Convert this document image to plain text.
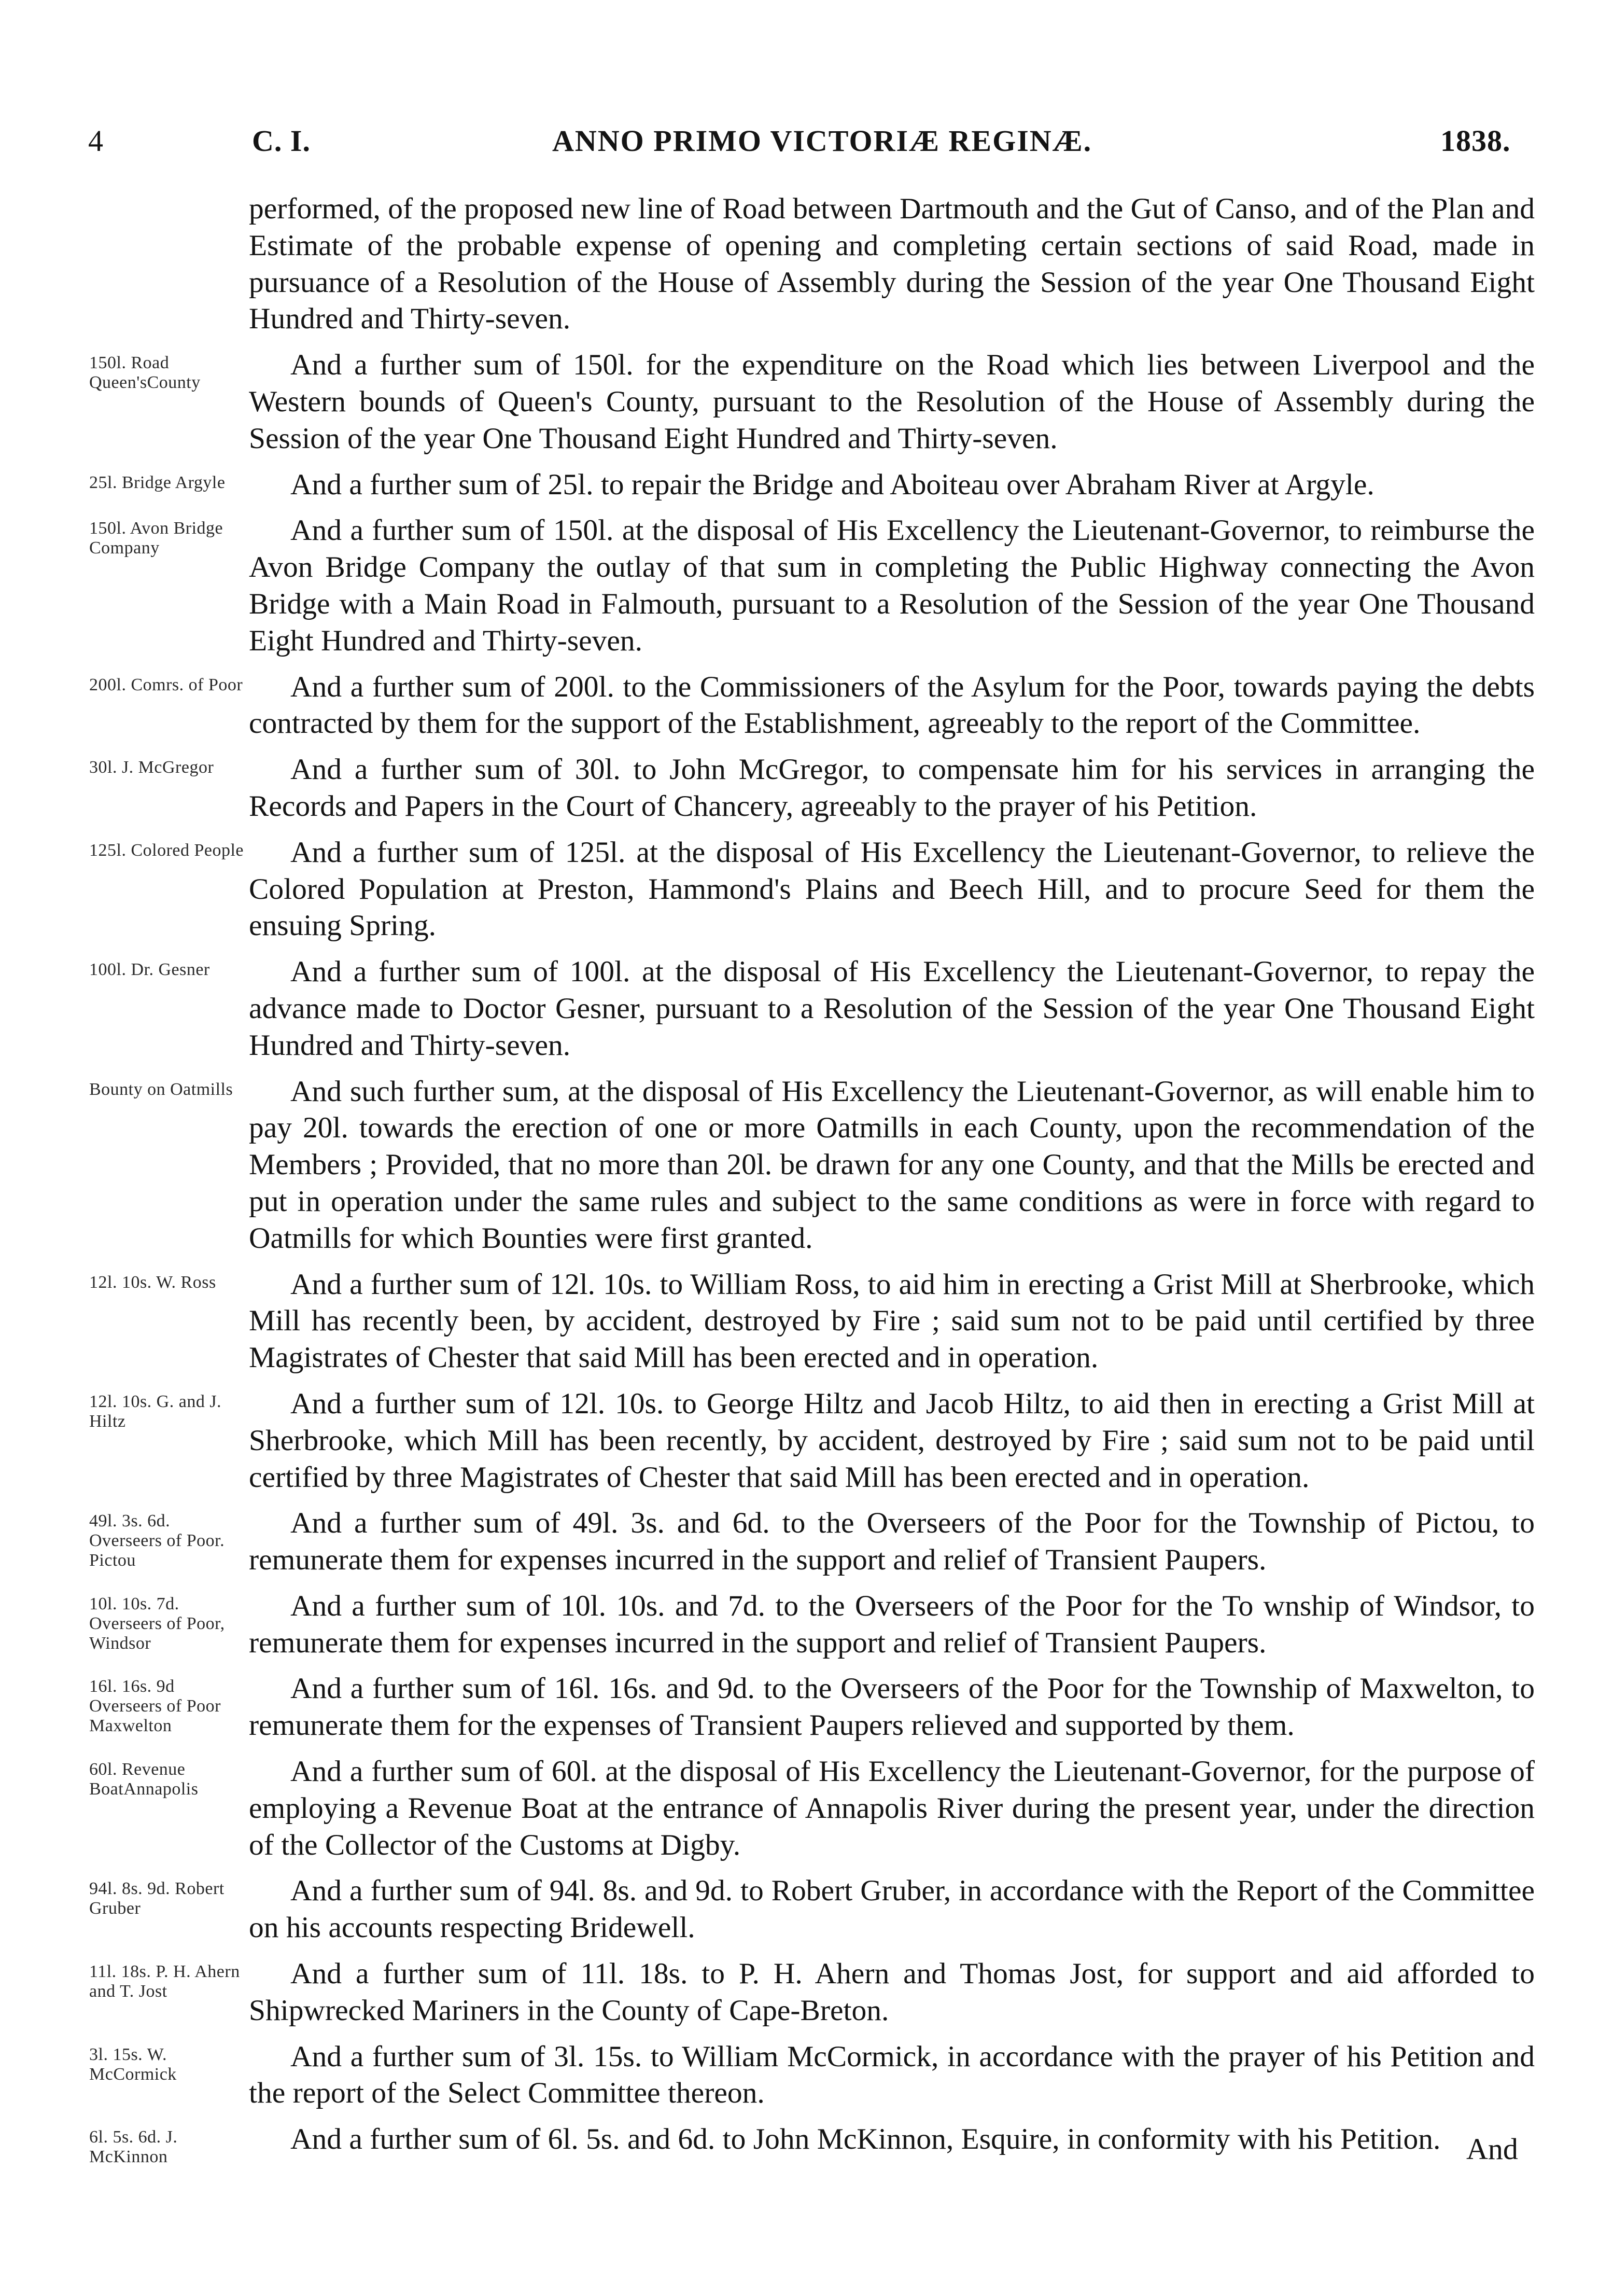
4	C. I.	ANNO PRIMO VICTORIÆ REGINÆ.	1838.

performed, of the proposed new line of Road between Dartmouth and the Gut of Canso, and of the Plan and Estimate of the probable expense of opening and completing certain sections of said Road, made in pursuance of a Resolution of the House of Assembly during the Session of the year One Thousand Eight Hundred and Thirty-seven.

150l. Road Queen'sCounty
And a further sum of 150l. for the expenditure on the Road which lies between Liverpool and the Western bounds of Queen's County, pursuant to the Resolution of the House of Assembly during the Session of the year One Thousand Eight Hundred and Thirty-seven.

25l. Bridge Argyle	And a further sum of 25l. to repair the Bridge and Aboiteau over Abraham River at Argyle.

150l. Avon Bridge Company
And a further sum of 150l. at the disposal of His Excellency the Lieutenant-Governor, to reimburse the Avon Bridge Company the outlay of that sum in completing the Public Highway connecting the Avon Bridge with a Main Road in Falmouth, pursuant to a Resolution of the Session of the year One Thousand Eight Hundred and Thirty-seven.

200l. Comrs. of Poor And a further sum of 200l. to the Commissioners of the Asylum for the Poor, towards paying the debts contracted by them for the support of the Establishment, agreeably to the report of the Committee.

30l. J. McGregor	And a further sum of 30l. to John McGregor, to compensate him for his services in arranging the Records and Papers in the Court of Chancery, agreeably to the prayer of his Petition.

125l. Colored People And a further sum of 125l. at the disposal of His Excellency the Lieutenant-Governor, to relieve the Colored Population at Preston, Hammond's Plains and Beech Hill, and to procure Seed for them the ensuing Spring.

100l. Dr. Gesner	And a further sum of 100l. at the disposal of His Excellency the Lieutenant-Governor, to repay the advance made to Doctor Gesner, pursuant to a Resolution of the Session of the year One Thousand Eight Hundred and Thirty-seven.

Bounty on Oatmills	And such further sum, at the disposal of His Excellency the Lieutenant-Governor, as will enable him to pay 20l. towards the erection of one or more Oatmills in each County, upon the recommendation of the Members ; Provided, that no more than 20l. be drawn for any one County, and that the Mills be erected and put in operation under the same rules and subject to the same conditions as were in force with regard to Oatmills for which Bounties were first granted.

12l. 10s. W. Ross	And a further sum of 12l. 10s. to William Ross, to aid him in erecting a Grist Mill at Sherbrooke, which Mill has recently been, by accident, destroyed by Fire ; said sum not to be paid until certified by three Magistrates of Chester that said Mill has been erected and in operation.

12l. 10s. G. and J. Hiltz
And a further sum of 12l. 10s. to George Hiltz and Jacob Hiltz, to aid then in erecting a Grist Mill at Sherbrooke, which Mill has been recently, by accident, destroyed by Fire ; said sum not to be paid until certified by three Magistrates of Chester that said Mill has been erected and in operation.

49l. 3s. 6d. Overseers of Poor. Pictou
And a further sum of 49l. 3s. and 6d. to the Overseers of the Poor for the Township of Pictou, to remunerate them for expenses incurred in the support and relief of Transient Paupers.

10l. 10s. 7d. Overseers of Poor, Windsor
And a further sum of 10l. 10s. and 7d. to the Overseers of the Poor for the To wnship of Windsor, to remunerate them for expenses incurred in the support and relief of Transient Paupers.

16l. 16s. 9d Overseers of Poor Maxwelton
And a further sum of 16l. 16s. and 9d. to the Overseers of the Poor for the Township of Maxwelton, to remunerate them for the expenses of Transient Paupers relieved and supported by them.

60l. Revenue BoatAnnapolis
And a further sum of 60l. at the disposal of His Excellency the Lieutenant-Governor, for the purpose of employing a Revenue Boat at the entrance of Annapolis River during the present year, under the direction of the Collector of the Customs at Digby.

94l. 8s. 9d. Robert Gruber
And a further sum of 94l. 8s. and 9d. to Robert Gruber, in accordance with the Report of the Committee on his accounts respecting Bridewell.

11l. 18s. P. H. Ahern and T. Jost
And a further sum of 11l. 18s. to P. H. Ahern and Thomas Jost, for support and aid afforded to Shipwrecked Mariners in the County of Cape-Breton.

3l. 15s. W. McCormick
And a further sum of 3l. 15s. to William McCormick, in accordance with the prayer of his Petition and the report of the Select Committee thereon.

6l. 5s. 6d. J. McKinnon
And a further sum of 6l. 5s. and 6d. to John McKinnon, Esquire, in conformity with his Petition. And
